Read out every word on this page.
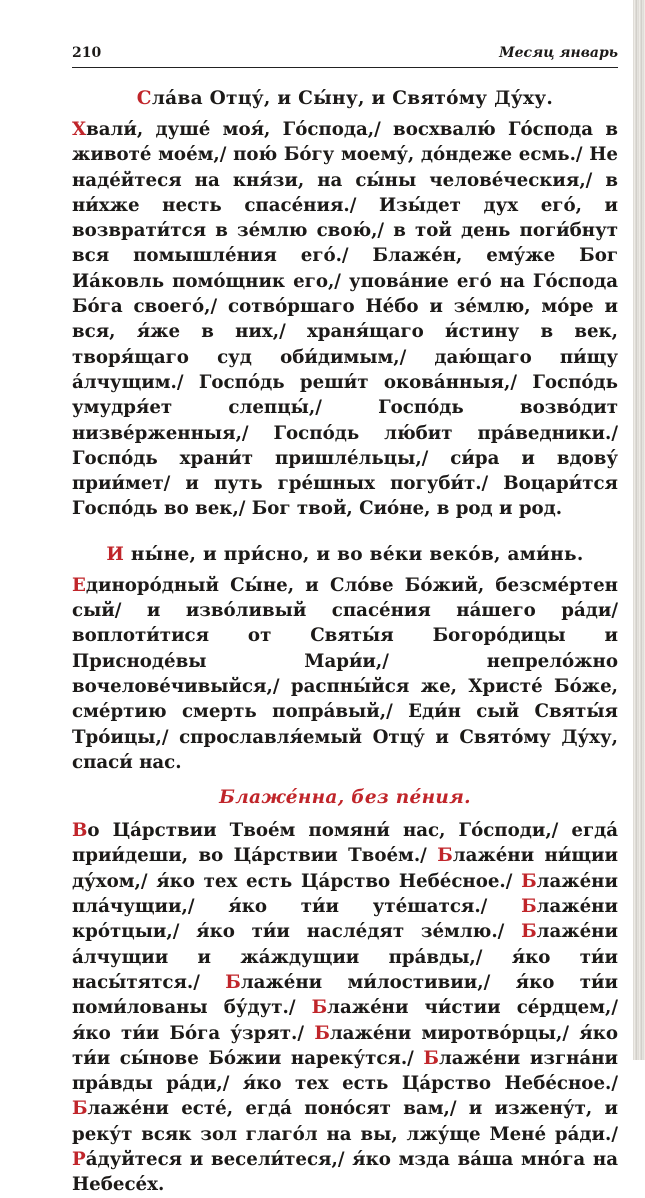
210	Месяц январь

Сла́ва Отцу́, и Сы́ну, и Свято́му Ду́ху.

Хвали́, душе́ моя́, Го́спода,/ восхвалю́ Го́спода в животе́ мое́м,/ пою́ Бо́гу моему́, до́ндеже есмь./ Не наде́йтеся на кня́зи, на сы́ны челове́ческия,/ в ни́хже несть спасе́ния./ Изы́дет дух его́, и возврати́тся в зе́млю свою́,/ в той день поги́бнут вся помышле́ния его́./ Блаже́н, ему́же Бог Иа́ковль помо́щник его,/ упова́ние его́ на Го́спода Бо́га своего́,/ сотво́ршаго Не́бо и зе́млю, мо́ре и вся, я́же в них,/ храня́щаго и́стину в век, творя́щаго суд оби́димым,/ даю́щаго пи́щу а́лчущим./ Госпо́дь реши́т окова́нныя,/ Госпо́дь умудря́ет слепцы́,/ Госпо́дь возво́дит низве́рженныя,/ Госпо́дь лю́бит пра́ведники./ Госпо́дь храни́т пришле́льцы,/ си́ра и вдову́ прии́мет/ и путь гре́шных погуби́т./ Воцари́тся Госпо́дь во век,/ Бог твой, Сио́не, в род и род.

И ны́не, и при́сно, и во ве́ки веко́в, ами́нь.

Единoро́дный Сы́не, и Сло́ве Бо́жий, безсме́ртен сый/ и изво́ливый спасе́ния на́шего ра́ди/ воплоти́тися от Святы́я Богоро́дицы и Присноде́вы Мари́и,/ непрело́жно вочелове́чивыйся,/ распны́йся же, Христе́ Бо́же, сме́ртию смерть попра́вый,/ Еди́н сый Святы́я Тро́ицы,/ спрославля́емый Отцу́ и Свято́му Ду́ху, спаси́ нас.

Блаже́нна, без пе́ния.

Во Ца́рствии Твое́м помяни́ нас, Го́споди,/ егда́ прии́деши, во Ца́рствии Твое́м./ Блаже́ни ни́щии ду́хом,/ я́ко тех есть Ца́рство Небе́сное./ Блаже́ни пла́чущии,/ я́ко ти́и уте́шатся./ Блаже́ни кро́тцыи,/ я́ко ти́и насле́дят зе́млю./ Блаже́ни а́лчущии и жа́ждущии пра́вды,/ я́ко ти́и насы́тятся./ Блаже́ни ми́лостивии,/ я́ко ти́и поми́лованы бу́дут./ Блаже́ни чи́стии се́рдцем,/ я́ко ти́и Бо́га у́зрят./ Блаже́ни миротво́рцы,/ я́ко ти́и сы́нове Бо́жии нареку́тся./ Блаже́ни изгна́ни пра́вды ра́ди,/ я́ко тех есть Ца́рство Небе́сное./ Блаже́ни есте́, егда́ поно́сят вам,/ и изжену́т, и реку́т всяк зол глаго́л на вы, лжу́ще Мене́ ра́ди./ Ра́дуйтеся и весели́теся,/ я́ко мзда ва́ша мно́га на Небесе́х.
